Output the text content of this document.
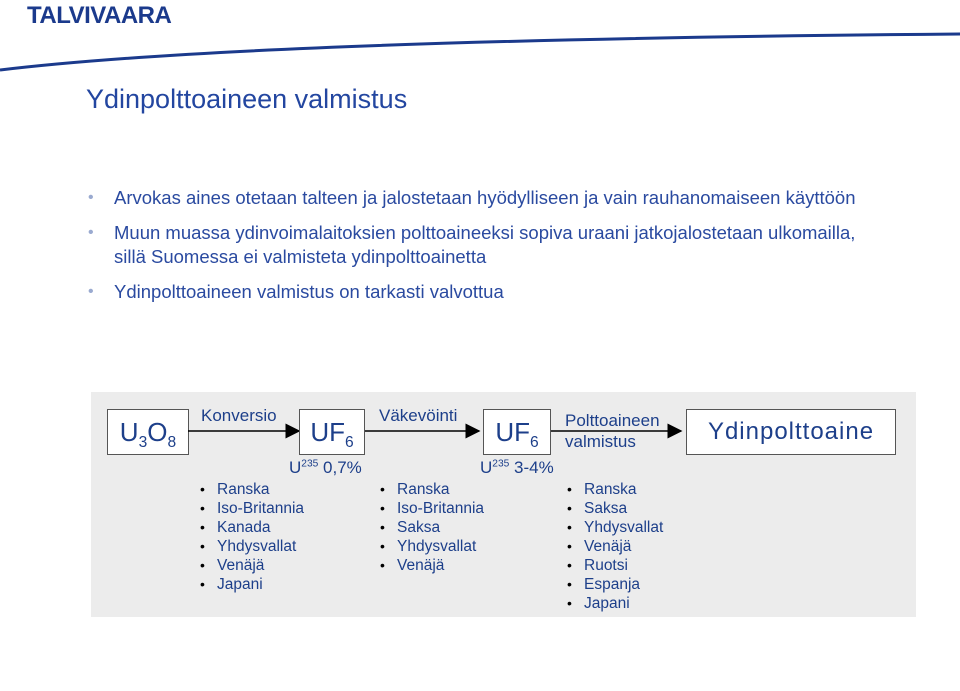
TALVIVAARA
Ydinpolttoaineen valmistus
• Arvokas aines otetaan talteen ja jalostetaan hyödylliseen ja vain rauhanomaiseen käyttöön
• Muun muassa ydinvoimalaitoksien polttoaineeksi sopiva uraani jatkojalostetaan ulkomailla, sillä Suomessa ei valmisteta ydinpolttoainetta
• Ydinpolttoaineen valmistus on tarkasti valvottua
$U_3O_8$
Konversio
$UF_6$
$U^{235}$ 0,7%
Väkevöinti
$UF_6$
$U^{235}$ 3-4%
Polttoaineen
valmistus	Ydinpolttoaine
• Ranska
• Iso-Britannia
• Kanada
• Yhdysvallat
• Venäjä
• Japani
• Ranska
• Iso-Britannia
• Saksa
• Yhdysvallat
• Venäjä
• Ranska
• Saksa
• Yhdysvallat
• Venäjä
• Ruotsi
• Espanja
• Japani
